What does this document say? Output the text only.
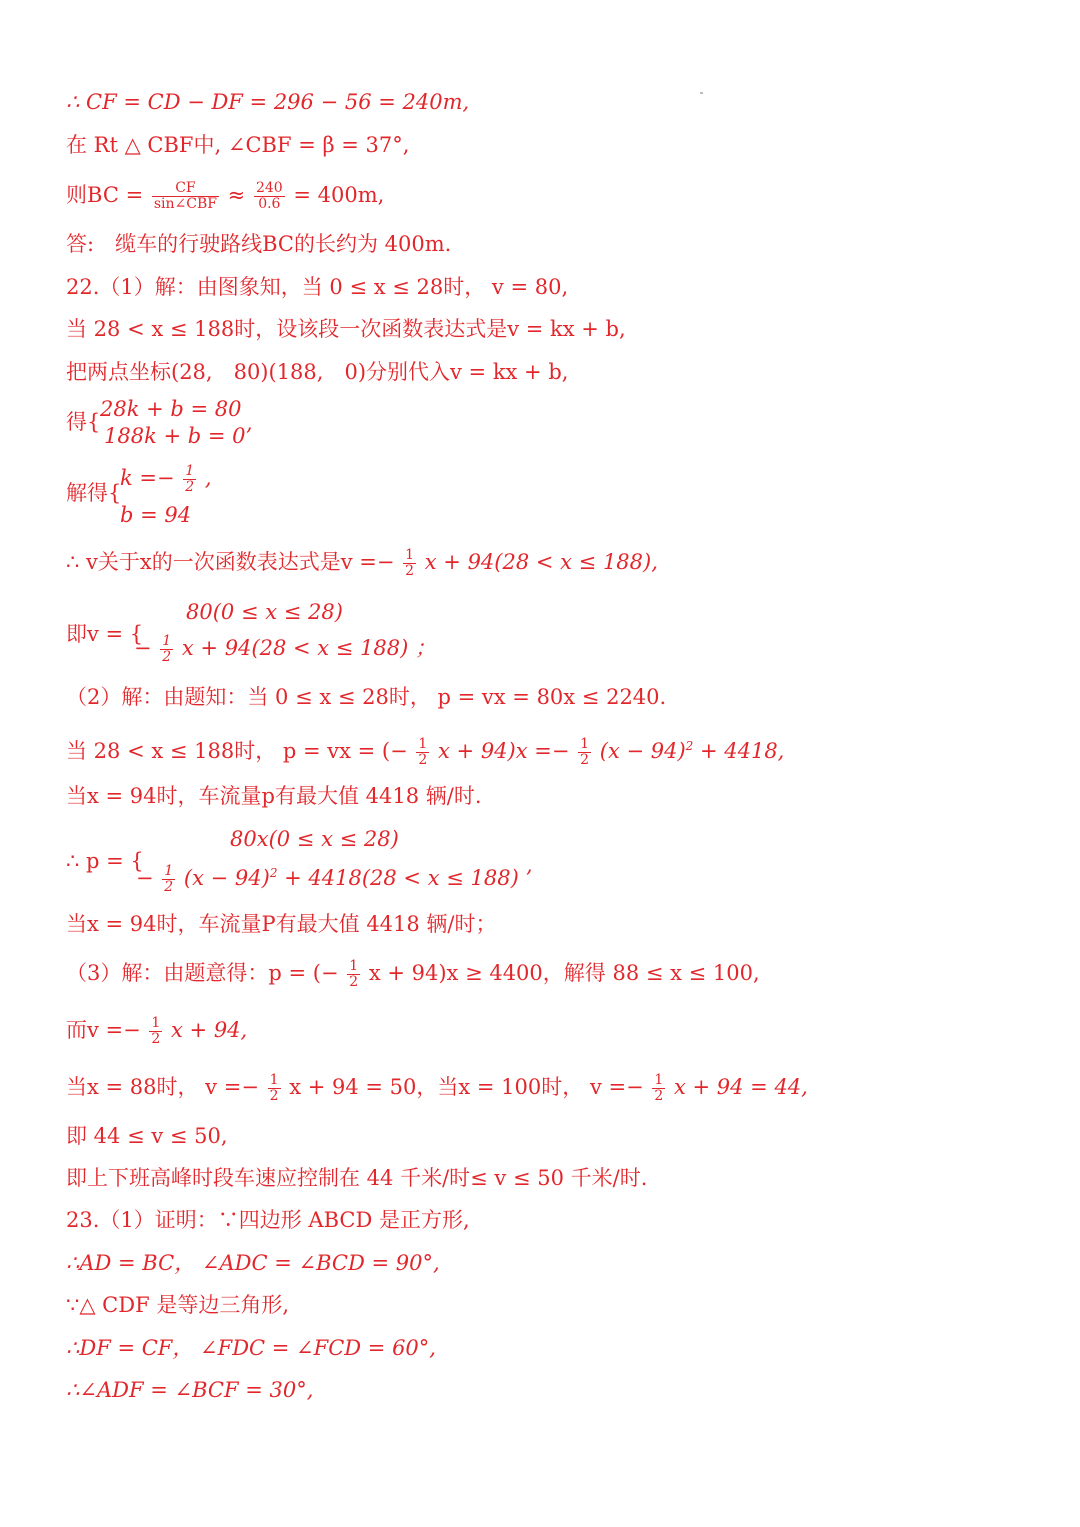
∴ CF = CD − DF = 296 − 56 = 240m,
在 Rt △ CBF中, ∠CBF = β = 37°,
则BC = $\frac{CF}{\text{sin∠CBF}} \approx \frac{240}{0.6} = 400m$,
答:　缆车的行驶路线BC的长约为 400m.
22.（1）解：由图象知，当 0 ≤ x ≤ 28时， v = 80,
当 28 < x ≤ 188时，设该段一次函数表达式是v = kx + b,
把两点坐标(28,　80)(188,　0)分别代入v = kx + b,
得{
28k + b = 80
188k + b = 0’
解得{
$k =- \frac{1}{2}$ ,
b = 94
∴ v关于x的一次函数表达式是$v =- \frac{1}{2}$ x + 94(28 < x ≤ 188),
即v = {
80(0 ≤ x ≤ 28)
− $\frac{1}{2}$ x + 94(28 < x ≤ 188) ；
（2）解：由题知：当 0 ≤ x ≤ 28时， p = vx = 80x ≤ 2240.
当 28 < x ≤ 188时， p = vx = (− $\frac{1}{2}$ $x + 94)x =- \frac{1}{2} (x - 94)^2 + 4418$,
当x = 94时，车流量p有最大值 4418 辆/时.
∴ p = {
80x(0 ≤ x ≤ 28)
− $\frac{1}{2} (x - 94)^2 + 4418(28 < x \le 188)$ ’
当x = 94时，车流量P有最大值 4418 辆/时；
（3）解：由题意得：p = (− $\frac{1}{2}$ x + 94)x ≥ 4400，解得 88 ≤ x ≤ 100,
而$v =- \frac{1}{2}$ x + 94,
当x = 88时， $v =- \frac{1}{2}$ x + 94 = 50，当x = 100时， $v =- \frac{1}{2}$ x + 94 = 44,
即 44 ≤ v ≤ 50,
即上下班高峰时段车速应控制在 44 千米/时≤ v ≤ 50 千米/时.
23.（1）证明：∵四边形 ABCD 是正方形,
∴AD = BC， ∠ADC = ∠BCD = 90°,
∵△ CDF 是等边三角形,
∴DF = CF， ∠FDC = ∠FCD = 60°,
∴∠ADF = ∠BCF = 30°,
